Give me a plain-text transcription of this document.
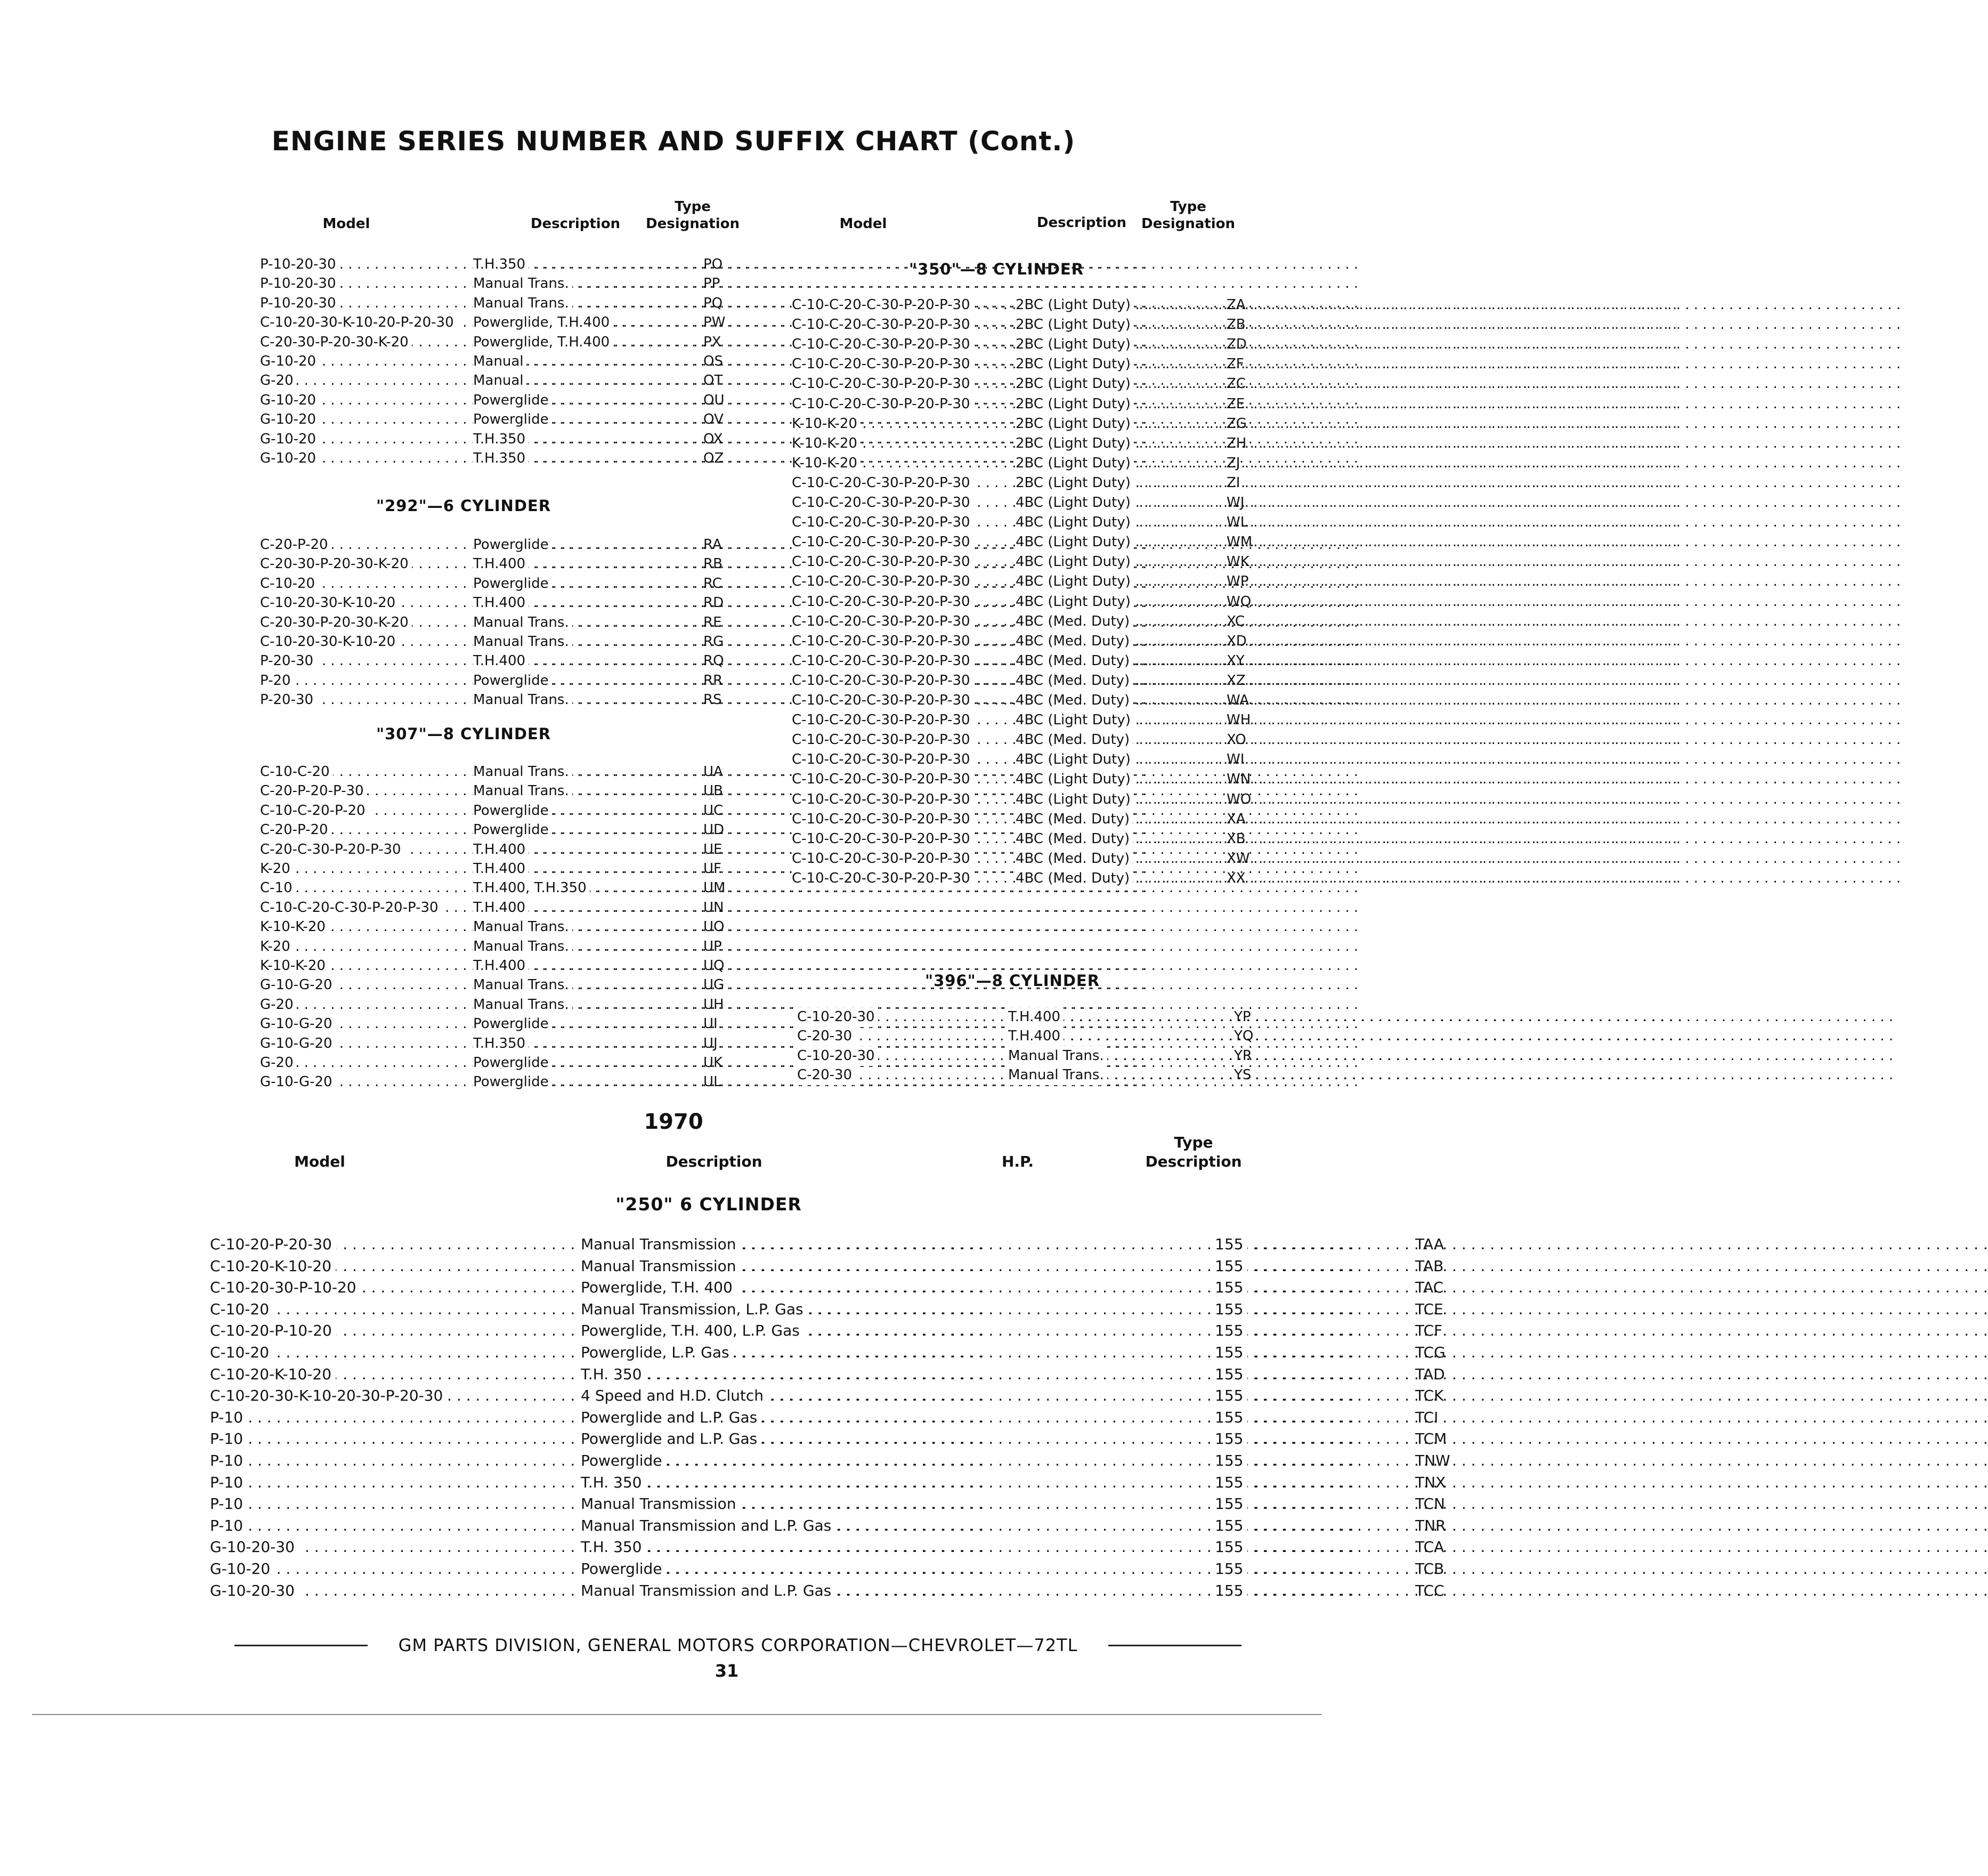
ENGINE SERIES NUMBER AND SUFFIX CHART (Cont.)
Model	Description
Type
Designation	Model	Description
Type
Designation
"350"—8 CYLINDER
"292"—6 CYLINDER
"307"—8 CYLINDER
"396"—8 CYLINDER
. . .
P-10-20-30 . . .	T.H.350	PO
. . .
P-10-20-30 . . .	Manual Trans.	PP
. . .
P-10-20-30 . . .	Manual Trans.	PQ
. . .
C-10-20-30-K-10-20-P-20-30 . . . Powerglide, T.H.400	PW
. . .
C-20-30-P-20-30-K-20 . . .	Powerglide, T.H.400	PX
. . .
G-10-20 . . .	Manual	OS
. . .
G-20 . . .	Manual	OT
. . .
G-10-20 . . .	Powerglide	OU
. . .
G-10-20 . . .	Powerglide	OV
. . .
G-10-20 . . .	T.H.350	OX
. . .
G-10-20 . . .	T.H.350	OZ
. . .
C-20-P-20 . . .	Powerglide	RA
. . .
C-20-30-P-20-30-K-20 . . .	T.H.400	RB
. . .
C-10-20 . . .	Powerglide	RC
. . .
C-10-20-30-K-10-20 . . .	T.H.400	RD
. . .
C-20-30-P-20-30-K-20 . . .	Manual Trans.	RE
. . .
C-10-20-30-K-10-20 . . .	Manual Trans.	RG
. . .
P-20-30 . . .	T.H.400	RQ
. . .
P-20 . . .	Powerglide	RR
. . .
P-20-30 . . .	Manual Trans.	RS
. . .
C-10-C-20 . . .	Manual Trans.	UA
. . .
C-20-P-20-P-30 . . .	Manual Trans.	UB
. . .
C-10-C-20-P-20 . . .	Powerglide	UC
. . .
C-20-P-20 . . .	Powerglide	UD
. . .
C-20-C-30-P-20-P-30 . . .	T.H.400	UE
. . .
K-20 . . .	T.H.400	UF
. . .
C-10 . . .	T.H.400, T.H.350	UM
. . .
C-10-C-20-C-30-P-20-P-30 . . .	T.H.400	UN
. . .
K-10-K-20 . . .	Manual Trans.	UO
. . .
K-20 . . .	Manual Trans.	UP
. . .
K-10-K-20 . . .	T.H.400	UQ
. . .
G-10-G-20 . . .	Manual Trans.	UG
. . .
G-20 . . .	Manual Trans.	UH
. . .
G-10-G-20 . . .	Powerglide	UI
. . .
G-10-G-20 . . .	T.H.350	UJ
. . .
G-20 . . .	Powerglide	UK
. . .
G-10-G-20 . . .	Powerglide	UL
. . .
C-10-C-20-C-30-P-20-P-30 . . .	2BC (Light Duty)	ZA
. . .
C-10-C-20-C-30-P-20-P-30 . . .	2BC (Light Duty)	ZB
. . .
C-10-C-20-C-30-P-20-P-30 . . .	2BC (Light Duty)	ZD
. . .
C-10-C-20-C-30-P-20-P-30 . . .	2BC (Light Duty)	ZF
. . .
C-10-C-20-C-30-P-20-P-30 . . .	2BC (Light Duty)	ZC
. . .
C-10-C-20-C-30-P-20-P-30 . . .	2BC (Light Duty)	ZE
. . .
K-10-K-20 . . .	2BC (Light Duty)	ZG
. . .
K-10-K-20 . . .	2BC (Light Duty)	ZH
. . .
K-10-K-20 . . .	2BC (Light Duty)	ZJ
. . .
C-10-C-20-C-30-P-20-P-30 . . .	2BC (Light Duty)	ZI
. . .
C-10-C-20-C-30-P-20-P-30 . . .	4BC (Light Duty)	WJ
. . .
C-10-C-20-C-30-P-20-P-30 . . .	4BC (Light Duty)	WL
. . .
C-10-C-20-C-30-P-20-P-30 . . .	4BC (Light Duty)	WM
. . .
C-10-C-20-C-30-P-20-P-30 . . .	4BC (Light Duty)	WK
. . .
C-10-C-20-C-30-P-20-P-30 . . .	4BC (Light Duty)	WP
. . .
C-10-C-20-C-30-P-20-P-30 . . .	4BC (Light Duty)	WQ
. . .
C-10-C-20-C-30-P-20-P-30 . . .	4BC (Med. Duty)	XC
. . .
C-10-C-20-C-30-P-20-P-30 . . .	4BC (Med. Duty)	XD
. . .
C-10-C-20-C-30-P-20-P-30 . . .	4BC (Med. Duty)	XY
. . .
C-10-C-20-C-30-P-20-P-30 . . .	4BC (Med. Duty)	XZ
. . .
C-10-C-20-C-30-P-20-P-30 . . .	4BC (Med. Duty)	WA
. . .
C-10-C-20-C-30-P-20-P-30 . . .	4BC (Light Duty)	WH
. . .
C-10-C-20-C-30-P-20-P-30 . . .	4BC (Med. Duty)	XO
. . .
C-10-C-20-C-30-P-20-P-30 . . .	4BC (Light Duty)	WI
. . .
C-10-C-20-C-30-P-20-P-30 . . .	4BC (Light Duty)	WN
. . .
C-10-C-20-C-30-P-20-P-30 . . .	4BC (Light Duty)	WO
. . .
C-10-C-20-C-30-P-20-P-30 . . .	4BC (Med. Duty)	XA
. . .
C-10-C-20-C-30-P-20-P-30 . . .	4BC (Med. Duty)	XB
. . .
C-10-C-20-C-30-P-20-P-30 . . .	4BC (Med. Duty)	XW
. . .
C-10-C-20-C-30-P-20-P-30 . . .	4BC (Med. Duty)	XX
. . .
C-10-20-30 . . .	T.H.400	YP
. . .
C-20-30 . . .	T.H.400	YQ
. . .
C-10-20-30 . . .	Manual Trans.	YR
. . .
C-20-30 . . .	Manual Trans.	YS
1970
Model	Description	H.P.
Type
Description
"250" 6 CYLINDER
. . .
C-10-20-P-20-30 . . .	Manual Transmission . . .	155	TAA
. . .
C-10-20-K-10-20 . . .	Manual Transmission . . .	155	TAB
. . .
C-10-20-30-P-10-20 . . .	Powerglide, T.H. 400 . . .	155	TAC
. . .
C-10-20 . . .	Manual Transmission, L.P. Gas . . .	155	TCE
. . .
C-10-20-P-10-20 . . .	Powerglide, T.H. 400, L.P. Gas . . .	155	TCF
. . .
C-10-20 . . .	Powerglide, L.P. Gas . . .	155	TCG
. . .
C-10-20-K-10-20 . . .	T.H. 350 . . .	155	TAD
. . .
C-10-20-30-K-10-20-30-P-20-30 . . .	4 Speed and H.D. Clutch . . .	155	TCK
. . .
P-10 . . .	Powerglide and L.P. Gas . . .	155	TCI
. . .
P-10 . . .	Powerglide and L.P. Gas . . .	155	TCM
. . .
P-10 . . .	Powerglide . . .	155	TNW
. . .
P-10 . . .	T.H. 350 . . .	155	TNX
. . .
P-10 . . .	Manual Transmission . . .	155	TCN
. . .
P-10 . . .	Manual Transmission and L.P. Gas . . .	155	TNR
. . .
G-10-20-30 . . .	T.H. 350 . . .	155	TCA
. . .
G-10-20 . . .	Powerglide . . .	155	TCB
. . .
G-10-20-30 . . .	Manual Transmission and L.P. Gas . . .	155	TCC
GM PARTS DIVISION, GENERAL MOTORS CORPORATION—CHEVROLET—72TL
31
